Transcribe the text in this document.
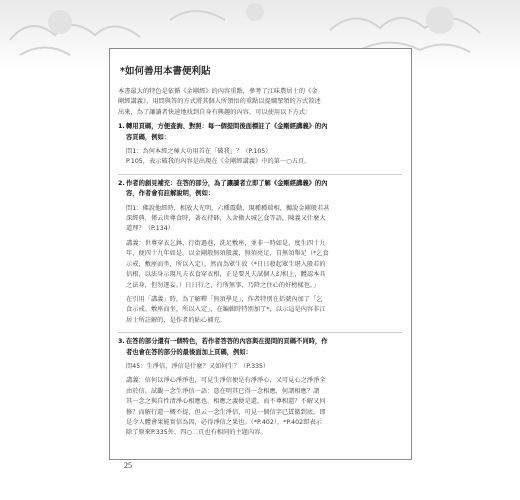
*如何善用本書便利貼

本書最大的特色是依循《金剛經》的內容重點，參考了江味農居士的《金

剛經講義》，用問與答的方式將其個人所領悟的重點以提綱挈領的方式敘述

出來，為了讓讀者快速地找到自身有興趣的內容，可以使用以下方式：

1. 轉用頁碼，方便查詢、對照：每一個提問後面標註了《金剛經講義》的內
容頁碼，例如：

問1：為何本經之極大功用首在「破我」？（P.105）

P.105，表示破我的內容是出現在《金剛經講義》中的第一○五頁。

2. 作者的創見補充：在答的部分，為了讓讀者立即了解《金剛經講義》的內
容，作者會有註解說明，例如：

問1：佛說他經時，相放大光明，六種震動，現種種瑞相，獨說金剛般若甚

深經典，僅云世尊食時，著衣持缽，入舍衛大城乞食等語，陳義又什麼大

道理？（P.134）

講義：世尊穿衣乞鉢，行街過巷，洗足敷座，並非一時如是，度生四十九

年，便四十九年如是。以金剛般無須般義，無須亮足，自無須舉足（*乞食

示戒，敷座而坐，所以入定），然而為眾生故（*日日發起眾生堪入般若的

信根，以法身示現凡夫衣食穿衣相，正是要凡夫試個人幻相上，體認本具

之法身，但勿逐妄。）日日行之，行所無事，乃降之住心的好榜樣也。」

在引用「講義」時，為了解釋「無須學足」，作者特別在括號內加了「乞

食示戒、敷座而坐，所以入定」，在編輯時特別加了*，以示這是內容非江

居士所註解的，是作者的貼心補充。

3. 在答的部分還有一個特色，若作者答答的內容與在提問的頁碼不同時，作
者也會在答的部分的最後面加上頁碼，例如：

問45：生淨信，淨信是什麼？又如何生？（P.335）

講義：信何以淨心淨淨也，可見生淨信便是有淨淨心，又可見心之淨淨全

由於信。試觀一念生淨信一語：意在明其已得一念相應，何謂相應？謂

其一念之與自性清淨心相應也。相應之義便是還，而不尊相還？不解又何

修？而解行還一概不提，但云一念生淨信，可見一個信字已貫徹到底。即

是令人體會果能實信為因，必得淨信之果也。（*P.402），*P.402即表示

除了原來P.335外，四○二頁也有相同的主題內容。

25
